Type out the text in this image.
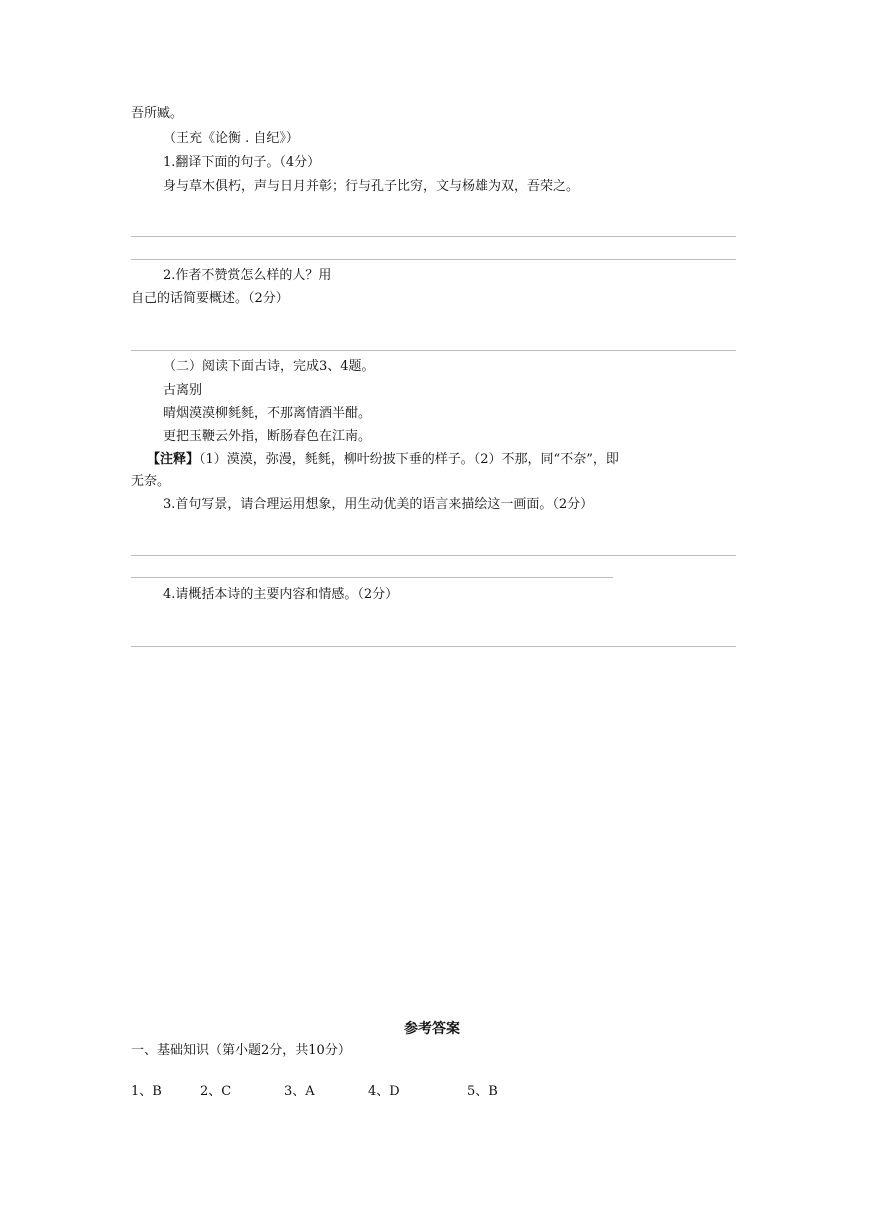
吾所臧。
（王充《论衡 . 自纪》）
1.翻译下面的句子。（4分）
身与草木俱朽，声与日月并彰；行与孔子比穷，文与杨雄为双，吾荣之。
2.作者不赞赏怎么样的人？用
自己的话简要概述。（2分）
（二）阅读下面古诗，完成3、4题。
古离别
晴烟漠漠柳毵毵，不那离情酒半酣。
更把玉鞭云外指，断肠春色在江南。
【注释】（1）漠漠，弥漫，毵毵，柳叶纷披下垂的样子。（2）不那，同“不奈”，即
无奈。
3.首句写景，请合理运用想象，用生动优美的语言来描绘这一画面。（2分）
4.请概括本诗的主要内容和情感。（2分）
参考答案
一、基础知识（第小题2分，共10分）
1、B	2、C	3、A	4、D	5、B
